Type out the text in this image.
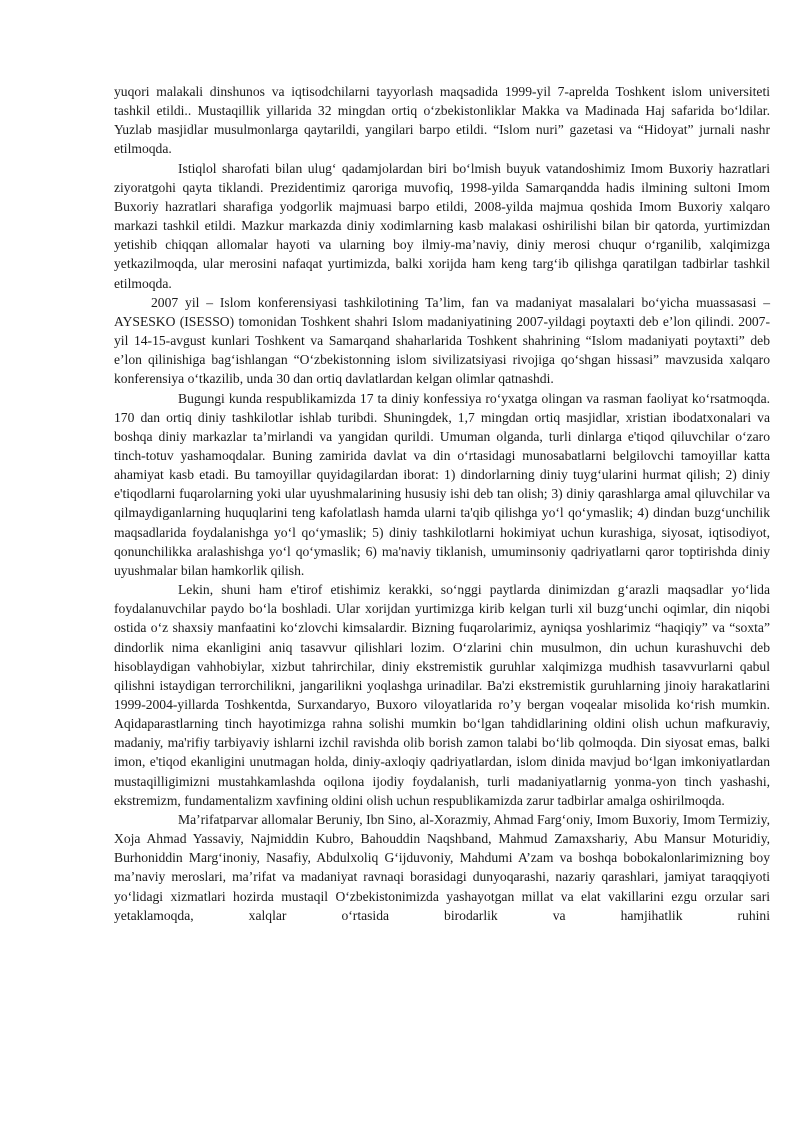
yuqori malakali dinshunos va iqtisodchilarni tayyorlash maqsadida 1999-yil 7-aprelda Toshkent islom universiteti tashkil etildi.. Mustaqillik yillarida 32 mingdan ortiq o‘zbekistonliklar Makka va Madinada Haj safarida bo‘ldilar. Yuzlab masjidlar musulmonlarga qaytarildi, yangilari barpo etildi. “Islom nuri” gazetasi va “Hidoyat” jurnali nashr etilmoqda.

Istiqlol sharofati bilan ulug‘ qadamjolardan biri bo‘lmish buyuk vatandoshimiz Imom Buxoriy hazratlari ziyoratgohi qayta tiklandi. Prezidentimiz qaroriga muvofiq, 1998-yilda Samarqandda hadis ilmining sultoni Imom Buxoriy hazratlari sharafiga yodgorlik majmuasi barpo etildi, 2008-yilda majmua qoshida Imom Buxoriy xalqaro markazi tashkil etildi. Mazkur markazda diniy xodimlarning kasb malakasi oshirilishi bilan bir qatorda, yurtimizdan yetishib chiqqan allomalar hayoti va ularning boy ilmiy-ma’naviy, diniy merosi chuqur o‘rganilib, xalqimizga yetkazilmoqda, ular merosini nafaqat yurtimizda, balki xorijda ham keng targ‘ib qilishga qaratilgan tadbirlar tashkil etilmoqda.

2007 yil – Islom konferensiyasi tashkilotining Ta’lim, fan va madaniyat masalalari bo‘yicha muassasasi – AYSESKO (ISESSO) tomonidan Toshkent shahri Islom madaniyatining 2007-yildagi poytaxti deb e’lon qilindi. 2007-yil 14-15-avgust kunlari Toshkent va Samarqand shaharlarida Toshkent shahrining “Islom madaniyati poytaxti” deb e’lon qilinishiga bag‘ishlangan “O‘zbekistonning islom sivilizatsiyasi rivojiga qo‘shgan hissasi” mavzusida xalqaro konferensiya o‘tkazilib, unda 30 dan ortiq davlatlardan kelgan olimlar qatnashdi.

Bugungi kunda respublikamizda 17 ta diniy konfessiya ro‘yxatga olingan va rasman faoliyat ko‘rsatmoqda. 170 dan ortiq diniy tashkilotlar ishlab turibdi. Shuningdek, 1,7 mingdan ortiq masjidlar, xristian ibodatxonalari va boshqa diniy markazlar ta’mirlandi va yangidan qurildi. Umuman olganda, turli dinlarga e'tiqod qiluvchilar o‘zaro tinch-totuv yashamoqdalar. Buning zamirida davlat va din o‘rtasidagi munosabatlarni belgilovchi tamoyillar katta ahamiyat kasb etadi. Bu tamoyillar quyidagilardan iborat: 1) dindorlarning diniy tuyg‘ularini hurmat qilish; 2) diniy e'tiqodlarni fuqarolarning yoki ular uyushmalarining hususiy ishi deb tan olish; 3) diniy qarashlarga amal qiluvchilar va qilmaydiganlarning huquqlarini teng kafolatlash hamda ularni ta'qib qilishga yo‘l qo‘ymaslik; 4) dindan buzg‘unchilik maqsadlarida foydalanishga yo‘l qo‘ymaslik; 5) diniy tashkilotlarni hokimiyat uchun kurashiga, siyosat, iqtisodiyot, qonunchilikka aralashishga yo‘l qo‘ymaslik; 6) ma'naviy tiklanish, umuminsoniy qadriyatlarni qaror toptirishda diniy uyushmalar bilan hamkorlik qilish.

Lekin, shuni ham e'tirof etishimiz kerakki, so‘nggi paytlarda dinimizdan g‘arazli maqsadlar yo‘lida foydalanuvchilar paydo bo‘la boshladi. Ular xorijdan yurtimizga kirib kelgan turli xil buzg‘unchi oqimlar, din niqobi ostida o‘z shaxsiy manfaatini ko‘zlovchi kimsalardir. Bizning fuqarolarimiz, ayniqsa yoshlarimiz “haqiqiy” va “soxta” dindorlik nima ekanligini aniq tasavvur qilishlari lozim. O‘zlarini chin musulmon, din uchun kurashuvchi deb hisoblaydigan vahhobiylar, xizbut tahrirchilar, diniy ekstremistik guruhlar xalqimizga mudhish tasavvurlarni qabul qilishni istaydigan terrorchilikni, jangarilikni yoqlashga urinadilar. Ba'zi ekstremistik guruhlarning jinoiy harakatlarini 1999-2004-yillarda Toshkentda, Surxandaryo, Buxoro viloyatlarida ro’y bergan voqealar misolida ko‘rish mumkin. Aqidaparastlarning tinch hayotimizga rahna solishi mumkin bo‘lgan tahdidlarining oldini olish uchun mafkuraviy, madaniy, ma'rifiy tarbiyaviy ishlarni izchil ravishda olib borish zamon talabi bo‘lib qolmoqda. Din siyosat emas, balki imon, e'tiqod ekanligini unutmagan holda, diniy-axloqiy qadriyatlardan, islom dinida mavjud bo‘lgan imkoniyatlardan mustaqilligimizni mustahkamlashda oqilona ijodiy foydalanish, turli madaniyatlarnig yonma-yon tinch yashashi, ekstremizm, fundamentalizm xavfining oldini olish uchun respublikamizda zarur tadbirlar amalga oshirilmoqda.

Ma’rifatparvar allomalar Beruniy, Ibn Sino, al-Xorazmiy, Ahmad Farg‘oniy, Imom Buxoriy, Imom Termiziy, Xoja Ahmad Yassaviy, Najmiddin Kubro, Bahouddin Naqshband, Mahmud Zamaxshariy, Abu Mansur Moturidiy, Burhoniddin Marg‘inoniy, Nasafiy, Abdulxoliq G‘ijduvoniy, Mahdumi A’zam va boshqa bobokalonlarimizning boy ma’naviy meroslari, ma’rifat va madaniyat ravnaqi borasidagi dunyoqarashi, nazariy qarashlari, jamiyat taraqqiyoti yo‘lidagi xizmatlari hozirda mustaqil O‘zbekistonimizda yashayotgan millat va elat vakillarini ezgu orzular sari yetaklamoqda, xalqlar o‘rtasida birodarlik va hamjihatlik ruhini
